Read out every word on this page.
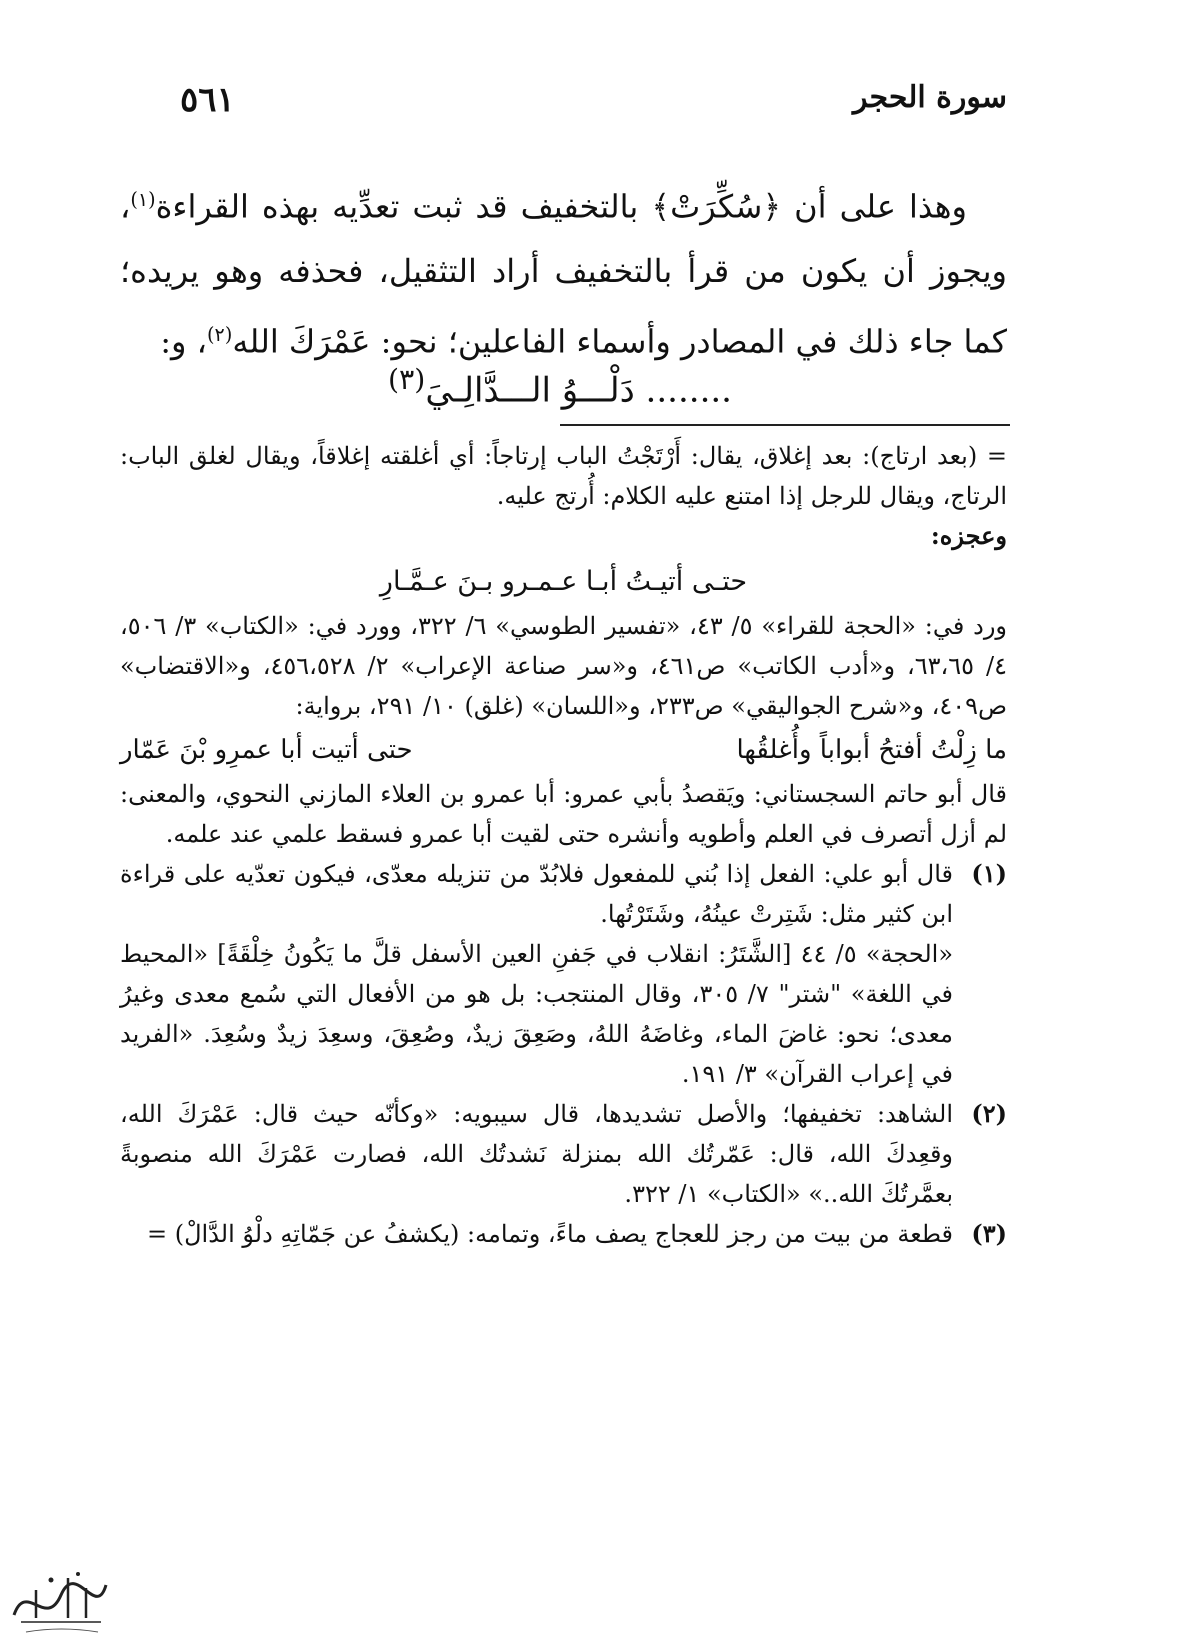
٥٦١	سورة الحجر

وهذا على أن ﴿سُكِّرَتْ﴾ بالتخفيف قد ثبت تعدِّيه بهذه القراءة$^{(١)}$، ويجوز أن يكون من قرأ بالتخفيف أراد التثقيل، فحذفه وهو يريده؛ كما جاء ذلك في المصادر وأسماء الفاعلين؛ نحو: عَمْرَكَ الله$^{(٢)}$، و:

........ دَلْـــوُ الـــدَّالِـيَ$^{(٣)}$

= (بعد ارتاج): بعد إغلاق، يقال: أَرْتَجْتُ الباب إرتاجاً: أي أغلقته إغلاقاً، ويقال لغلق الباب: الرتاج، ويقال للرجل إذا امتنع عليه الكلام: أُرتج عليه.

وعجزه:

حتـى أتيـتُ أبـا عـمـرو بـنَ عـمَّـارِ

ورد في: «الحجة للقراء» ٥/ ٤٣، «تفسير الطوسي» ٦/ ٣٢٢، وورد في: «الكتاب» ٣/ ٥٠٦، ٤/ ٦٣،٦٥، و«أدب الكاتب» ص٤٦١، و«سر صناعة الإعراب» ٢/ ٤٥٦،٥٢٨، و«الاقتضاب» ص٤٠٩، و«شرح الجواليقي» ص٢٣٣، و«اللسان» (غلق) ١٠/ ٢٩١، برواية:

ما زِلْتُ أفتحُ أبواباً وأُغلقُها
حتى أتيت أبا عمرِو بْنَ عَمّار

قال أبو حاتم السجستاني: ويَقصدُ بأبي عمرو: أبا عمرو بن العلاء المازني النحوي، والمعنى: لم أزل أتصرف في العلم وأطويه وأنشره حتى لقيت أبا عمرو فسقط علمي عند علمه.

(١)

قال أبو علي: الفعل إذا بُني للمفعول فلابُدّ من تنزيله معدّى، فيكون تعدّيه على قراءة ابن كثير مثل: شَتِرتْ عينُهُ، وشَتَرْتُها.

«الحجة» ٥/ ٤٤ [الشَّتَرُ: انقلاب في جَفنِ العين الأسفل قلَّ ما يَكُونُ خِلْقَةً] «المحيط في اللغة» "شتر" ٧/ ٣٠٥، وقال المنتجب: بل هو من الأفعال التي سُمع معدى وغيرُ معدى؛ نحو: غاضَ الماء، وغاضَهُ اللهُ، وصَعِقَ زيدٌ، وصُعِقَ، وسعِدَ زيدٌ وسُعِدَ. «الفريد في إعراب القرآن» ٣/ ١٩١.

(٢)

الشاهد: تخفيفها؛ والأصل تشديدها، قال سيبويه: «وكأنّه حيث قال: عَمْرَكَ الله، وقعِدكَ الله، قال: عَمّرتُك الله بمنزلة نَشدتُك الله، فصارت عَمْرَكَ الله منصوبةً بعمَّرتُكَ الله..» «الكتاب» ١/ ٣٢٢.

(٣)

قطعة من بيت من رجز للعجاج يصف ماءً، وتمامه: (يكشفُ عن جَمّاتِهِ دلْوُ الدَّالْ) =
